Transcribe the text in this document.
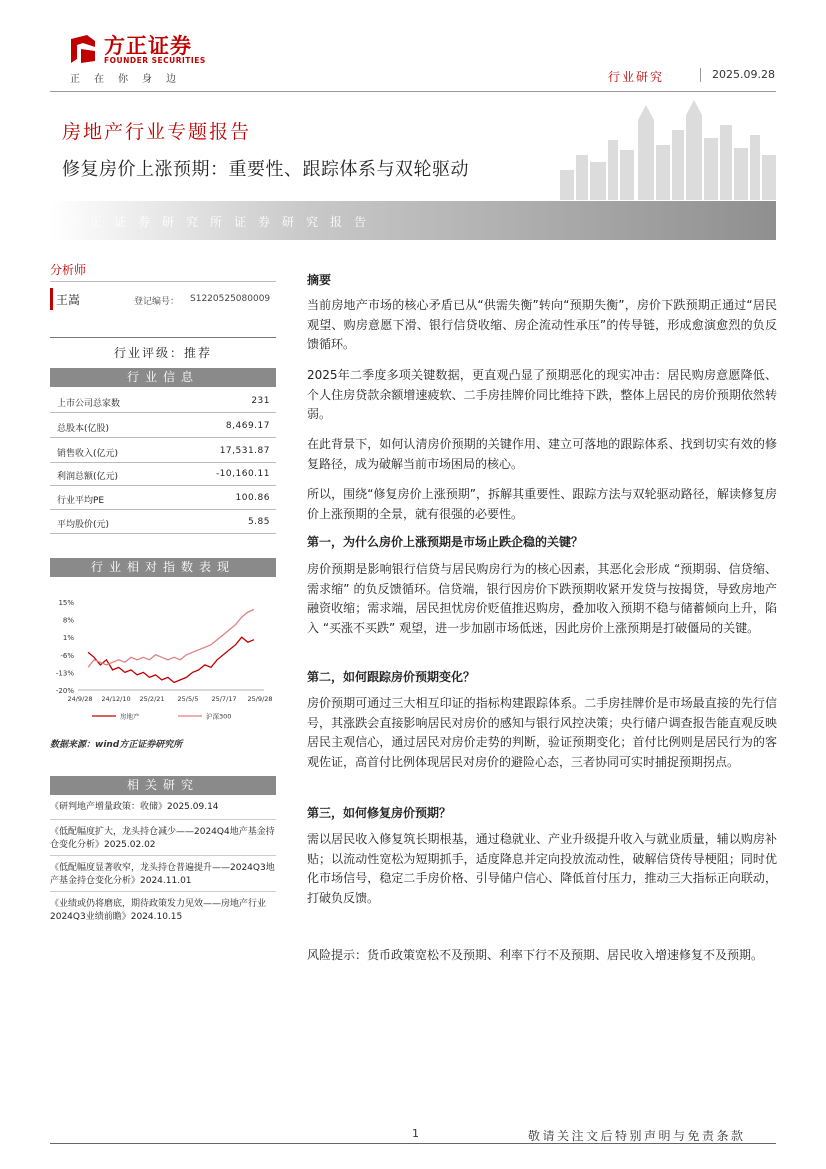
方正证券
FOUNDER SECURITIES
正在你身边	行业研究	2025.09.28
房地产行业专题报告
修复房价上涨预期：重要性、跟踪体系与双轮驱动
方正证券研究所证券研究报告
分析师
王嵩	登记编号： S1220525080009
行业评级：推荐
行业信息
上市公司总家数	231
总股本(亿股)	8,469.17
销售收入(亿元)	17,531.87
利润总额(亿元)	-10,160.11
行业平均PE	100.86
平均股价(元)	5.85
行业相对指数表现
15%
8%
1%
-6%
-13%
-20%
24/9/28 24/12/10 25/2/21 25/5/5 25/7/17 25/9/28
房地产	沪深300
数据来源：wind方正证券研究所
相关研究
《研判地产增量政策：收储》2025.09.14
《低配幅度扩大，龙头持仓减少——2024Q4地产基金持仓变化分析》2025.02.02
《低配幅度显著收窄，龙头持仓普遍提升——2024Q3地产基金持仓变化分析》2024.11.01
《业绩或仍将磨底，期待政策发力见效——房地产行业2024Q3业绩前瞻》2024.10.15
摘要
当前房地产市场的核心矛盾已从“供需失衡”转向“预期失衡”，房价下跌预期正通过“居民观望、购房意愿下滑、银行信贷收缩、房企流动性承压”的传导链，形成愈演愈烈的负反馈循环。
2025年二季度多项关键数据，更直观凸显了预期恶化的现实冲击：居民购房意愿降低、个人住房贷款余额增速疲软、二手房挂牌价同比维持下跌，整体上居民的房价预期依然转弱。
在此背景下，如何认清房价预期的关键作用、建立可落地的跟踪体系、找到切实有效的修复路径，成为破解当前市场困局的核心。
所以，围绕“修复房价上涨预期”，拆解其重要性、跟踪方法与双轮驱动路径，解读修复房价上涨预期的全景，就有很强的必要性。
第一，为什么房价上涨预期是市场止跌企稳的关键？
房价预期是影响银行信贷与居民购房行为的核心因素，其恶化会形成 “预期弱、信贷缩、需求缩” 的负反馈循环。信贷端，银行因房价下跌预期收紧开发贷与按揭贷，导致房地产融资收缩；需求端，居民担忧房价贬值推迟购房，叠加收入预期不稳与储蓄倾向上升，陷入 “买涨不买跌” 观望，进一步加剧市场低迷，因此房价上涨预期是打破僵局的关键。
第二，如何跟踪房价预期变化？
房价预期可通过三大相互印证的指标构建跟踪体系。二手房挂牌价是市场最直接的先行信号，其涨跌会直接影响居民对房价的感知与银行风控决策；央行储户调查报告能直观反映居民主观信心，通过居民对房价走势的判断，验证预期变化；首付比例则是居民行为的客观佐证，高首付比例体现居民对房价的避险心态，三者协同可实时捕捉预期拐点。
第三，如何修复房价预期？
需以居民收入修复筑长期根基，通过稳就业、产业升级提升收入与就业质量，辅以购房补贴；以流动性宽松为短期抓手，适度降息并定向投放流动性，破解信贷传导梗阻；同时优化市场信号，稳定二手房价格、引导储户信心、降低首付压力，推动三大指标正向联动，打破负反馈。
风险提示：货币政策宽松不及预期、利率下行不及预期、居民收入增速修复不及预期。
1	敬请关注文后特别声明与免责条款
